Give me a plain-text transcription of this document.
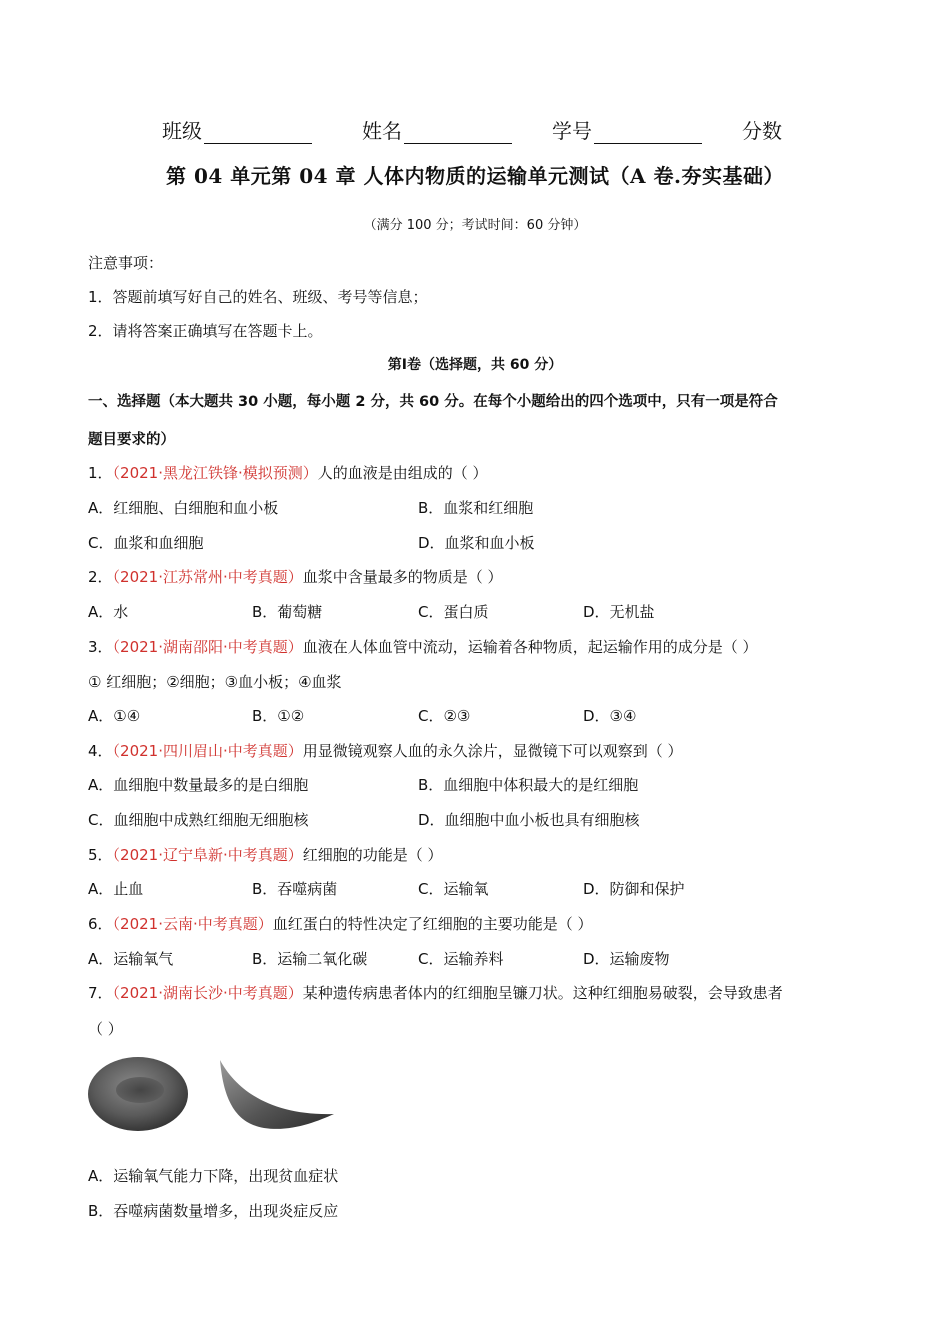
班级	姓名	学号	分数
第 04 单元第 04 章 人体内物质的运输单元测试（A 卷.夯实基础）
（满分 100 分；考试时间：60 分钟）
注意事项：
1．答题前填写好自己的姓名、班级、考号等信息；
2．请将答案正确填写在答题卡上。
第Ⅰ卷（选择题，共 60 分）
一、选择题（本大题共 30 小题，每小题 2 分，共 60 分。在每个小题给出的四个选项中，只有一项是符合
题目要求的）
1．（2021·黑龙江铁锋·模拟预测）人的血液是由组成的（ ）
A．红细胞、白细胞和血小板	B．血浆和红细胞
C．血浆和血细胞	D．血浆和血小板
2．（2021·江苏常州·中考真题）血浆中含量最多的物质是（ ）
A．水	B．葡萄糖	C．蛋白质	D．无机盐
3．（2021·湖南邵阳·中考真题）血液在人体血管中流动，运输着各种物质，起运输作用的成分是（ ）
① 红细胞；②细胞；③血小板；④血浆
A．①④	B．①②	C．②③	D．③④
4．（2021·四川眉山·中考真题）用显微镜观察人血的永久涂片，显微镜下可以观察到（ ）
A．血细胞中数量最多的是白细胞	B．血细胞中体积最大的是红细胞
C．血细胞中成熟红细胞无细胞核	D．血细胞中血小板也具有细胞核
5．（2021·辽宁阜新·中考真题）红细胞的功能是（ ）
A．止血	B．吞噬病菌	C．运输氧	D．防御和保护
6．（2021·云南·中考真题）血红蛋白的特性决定了红细胞的主要功能是（ ）
A．运输氧气	B．运输二氧化碳	C．运输养料	D．运输废物
7．（2021·湖南长沙·中考真题）某种遗传病患者体内的红细胞呈镰刀状。这种红细胞易破裂，会导致患者
（ ）
A．运输氧气能力下降，出现贫血症状
B．吞噬病菌数量增多，出现炎症反应
